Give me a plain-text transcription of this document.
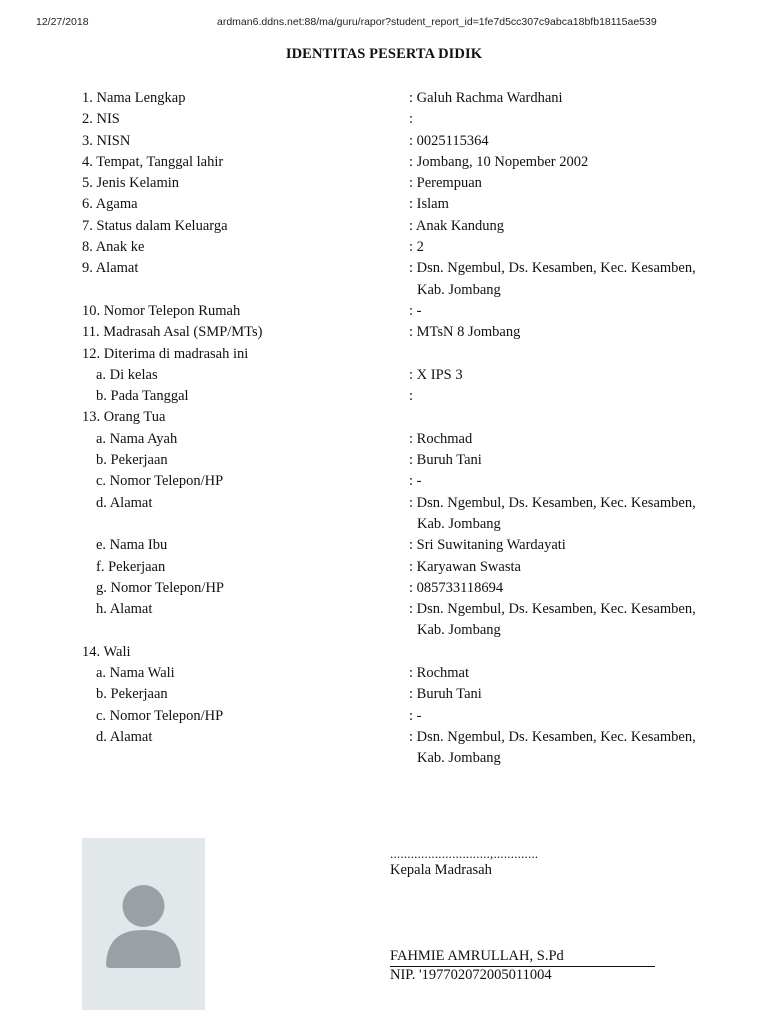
12/27/2018	ardman6.ddns.net:88/ma/guru/rapor?student_report_id=1fe7d5cc307c9abca18bfb18115ae539
IDENTITAS PESERTA DIDIK
1. Nama Lengkap	: Galuh Rachma Wardhani
2. NIS	:
3. NISN	: 0025115364
4. Tempat, Tanggal lahir	: Jombang, 10 Nopember 2002
5. Jenis Kelamin	: Perempuan
6. Agama	: Islam
7. Status dalam Keluarga	: Anak Kandung
8. Anak ke	: 2
9. Alamat	: Dsn. Ngembul, Ds. Kesamben, Kec. Kesamben,
Kab. Jombang
10. Nomor Telepon Rumah	: -
11. Madrasah Asal (SMP/MTs)	: MTsN 8 Jombang
12. Diterima di madrasah ini
a. Di kelas	: X IPS 3
b. Pada Tanggal	:
13. Orang Tua
a. Nama Ayah	: Rochmad
b. Pekerjaan	: Buruh Tani
c. Nomor Telepon/HP	: -
d. Alamat	: Dsn. Ngembul, Ds. Kesamben, Kec. Kesamben,
Kab. Jombang
e. Nama Ibu	: Sri Suwitaning Wardayati
f. Pekerjaan	: Karyawan Swasta
g. Nomor Telepon/HP	: 085733118694
h. Alamat	: Dsn. Ngembul, Ds. Kesamben, Kec. Kesamben,
Kab. Jombang
14. Wali
a. Nama Wali	: Rochmat
b. Pekerjaan	: Buruh Tani
c. Nomor Telepon/HP	: -
d. Alamat	: Dsn. Ngembul, Ds. Kesamben, Kec. Kesamben,
Kab. Jombang
.............................,.............
Kepala Madrasah
FAHMIE AMRULLAH, S.Pd
NIP. '197702072005011004
